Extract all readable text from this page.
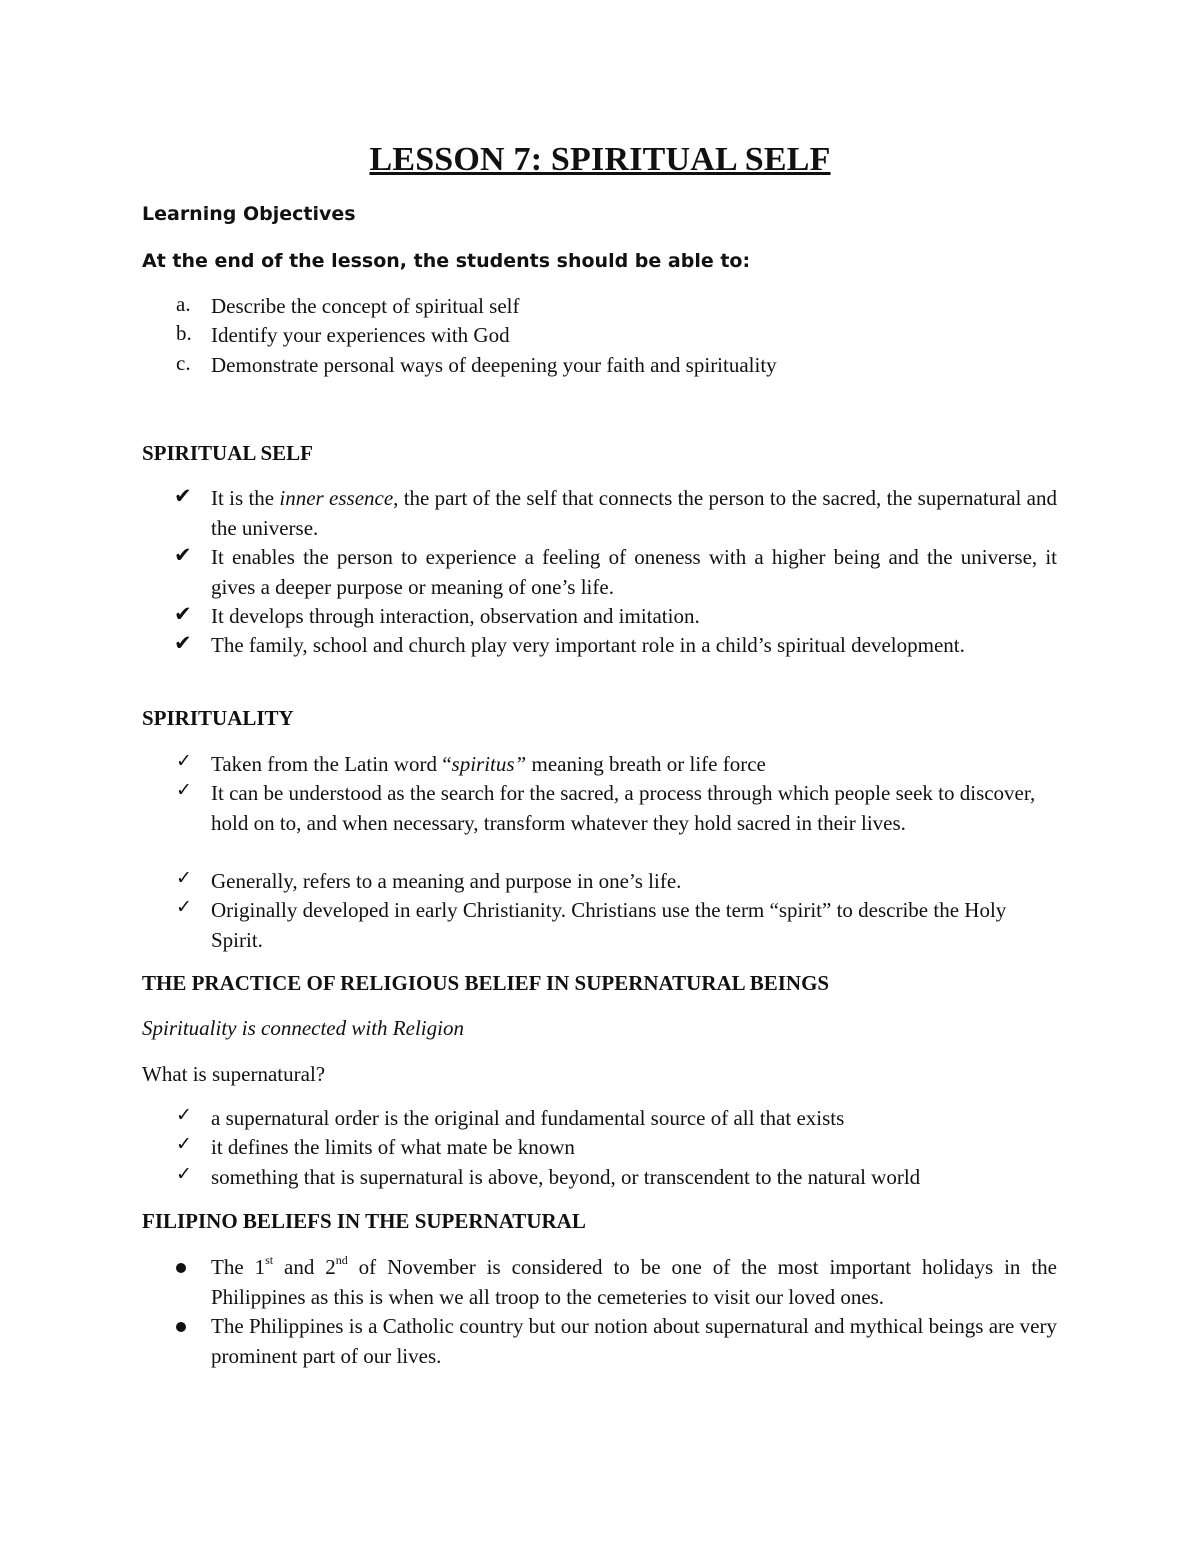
LESSON 7: SPIRITUAL SELF
Learning Objectives
At the end of the lesson, the students should be able to:
a. Describe the concept of spiritual self
b. Identify your experiences with God
c. Demonstrate personal ways of deepening your faith and spirituality
SPIRITUAL SELF
✔ It is the inner essence, the part of the self that connects the person to the sacred, the supernatural and the universe.
✔ It enables the person to experience a feeling of oneness with a higher being and the universe, it gives a deeper purpose or meaning of one’s life.
✔ It develops through interaction, observation and imitation.
✔ The family, school and church play very important role in a child’s spiritual development.
SPIRITUALITY
✓ Taken from the Latin word “spiritus” meaning breath or life force
✓ It can be understood as the search for the sacred, a process through which people seek to discover, hold on to, and when necessary, transform whatever they hold sacred in their lives.
✓ Generally, refers to a meaning and purpose in one’s life.
✓ Originally developed in early Christianity. Christians use the term “spirit” to describe the Holy Spirit.
THE PRACTICE OF RELIGIOUS BELIEF IN SUPERNATURAL BEINGS
Spirituality is connected with Religion
What is supernatural?
✓ a supernatural order is the original and fundamental source of all that exists
✓ it defines the limits of what mate be known
✓ something that is supernatural is above, beyond, or transcendent to the natural world
FILIPINO BELIEFS IN THE SUPERNATURAL
The 1st and 2nd of November is considered to be one of the most important holidays in the Philippines as this is when we all troop to the cemeteries to visit our loved ones.
The Philippines is a Catholic country but our notion about supernatural and mythical beings are very prominent part of our lives.
